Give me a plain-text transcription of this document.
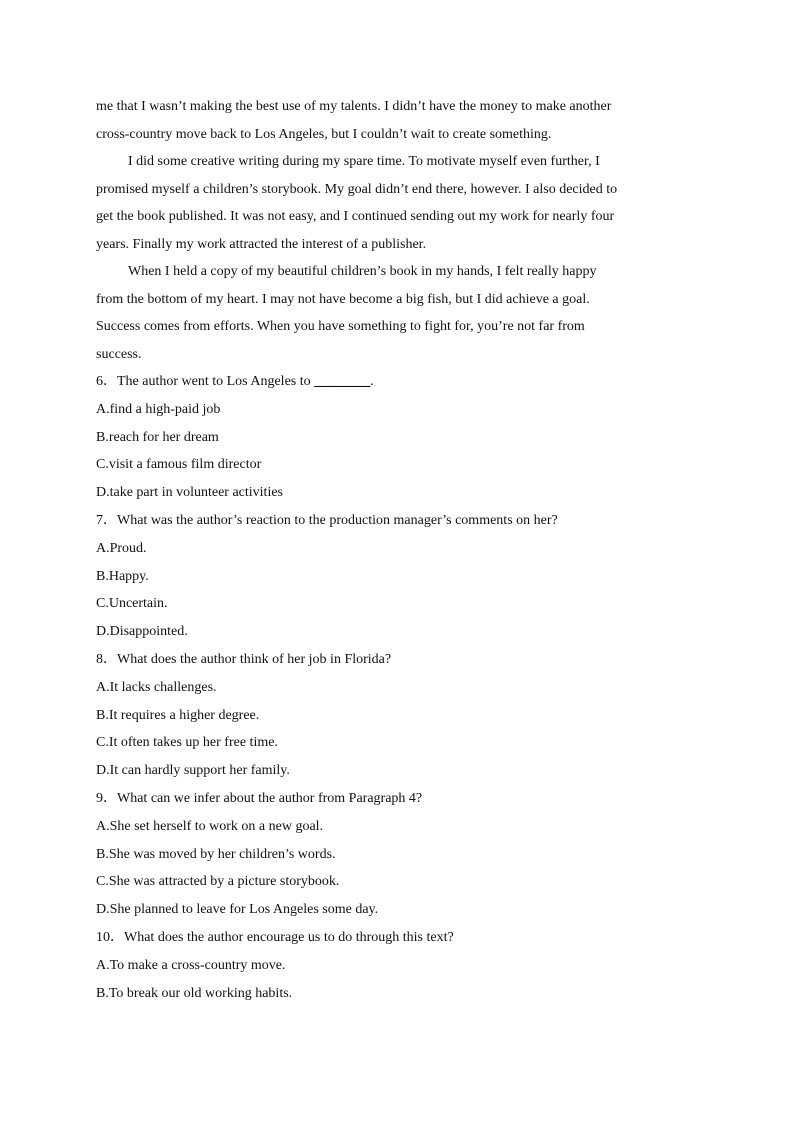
me that I wasn’t making the best use of my talents. I didn’t have the money to make another
cross-country move back to Los Angeles, but I couldn’t wait to create something.
I did some creative writing during my spare time. To motivate myself even further, I
promised myself a children’s storybook. My goal didn’t end there, however. I also decided to
get the book published. It was not easy, and I continued sending out my work for nearly four
years. Finally my work attracted the interest of a publisher.
When I held a copy of my beautiful children’s book in my hands, I felt really happy
from the bottom of my heart. I may not have become a big fish, but I did achieve a goal.
Success comes from efforts. When you have something to fight for, you’re not far from
success.

6．The author went to Los Angeles to ________.

A.find a high-paid job

B.reach for her dream

C.visit a famous film director

D.take part in volunteer activities

7．What was the author’s reaction to the production manager’s comments on her?

A.Proud.

B.Happy.

C.Uncertain.

D.Disappointed.

8．What does the author think of her job in Florida?

A.It lacks challenges.

B.It requires a higher degree.

C.It often takes up her free time.

D.It can hardly support her family.

9．What can we infer about the author from Paragraph 4?

A.She set herself to work on a new goal.

B.She was moved by her children’s words.

C.She was attracted by a picture storybook.

D.She planned to leave for Los Angeles some day.

10．What does the author encourage us to do through this text?

A.To make a cross-country move.

B.To break our old working habits.
